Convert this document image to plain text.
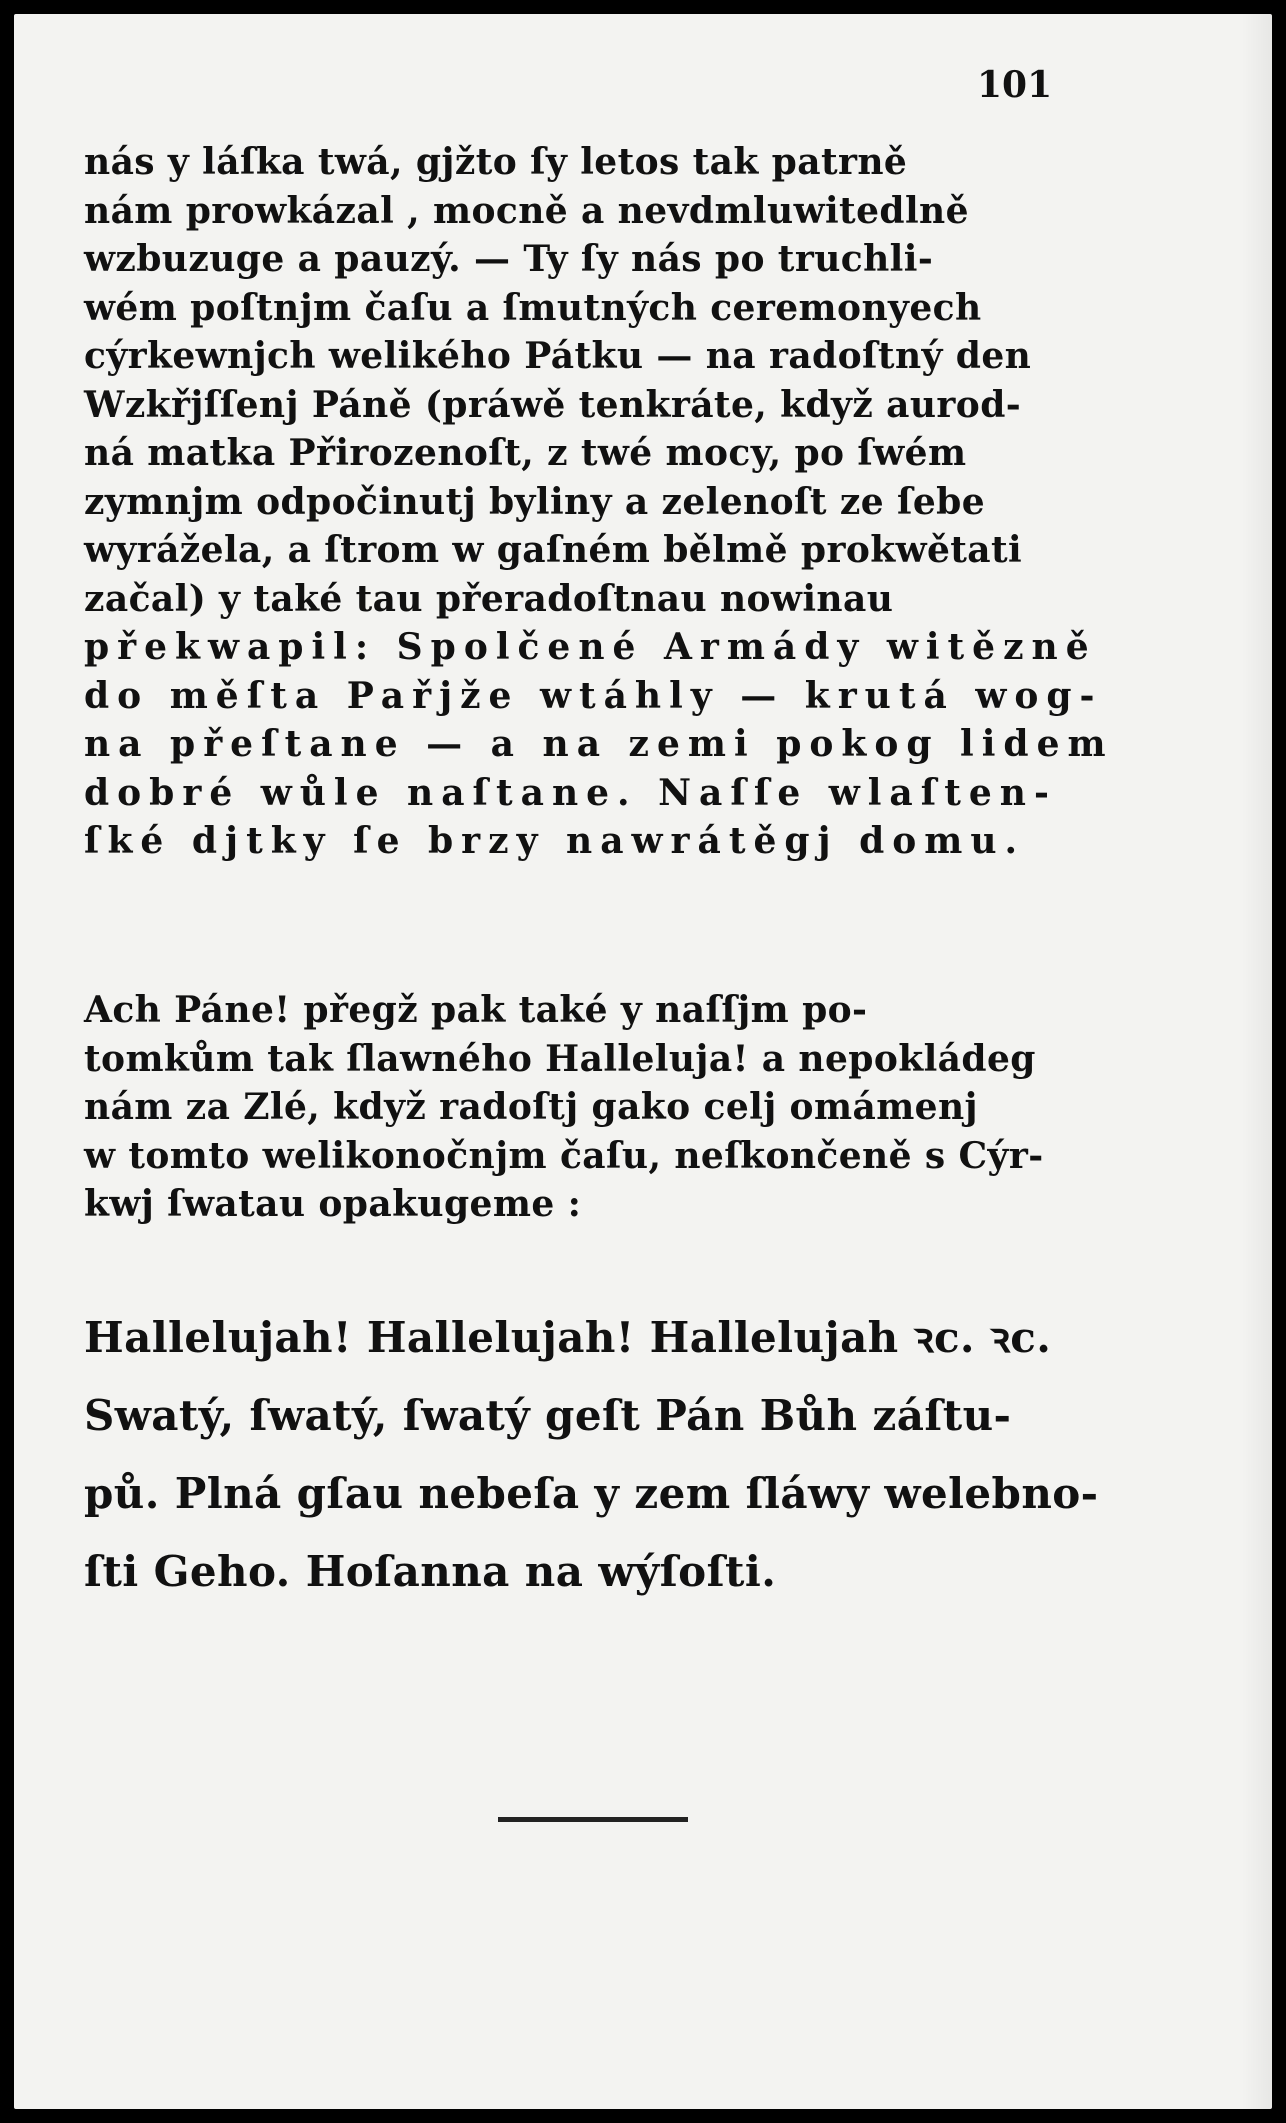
101
nás y láſka twá, gjžto ſy letos tak patrně
nám prowkázal , mocně a nevdmluwitedlně
wzbuzuge a pauzý. — Ty ſy nás po truchli-
wém poſtnjm čaſu a ſmutných ceremonyech
cýrkewnjch welikého Pátku — na radoſtný den
Wzkřjſſenj Páně (práwě tenkráte, když aurod-
ná matka Přirozenoſt, z twé mocy, po ſwém
zymnjm odpočinutj byliny a zelenoſt ze ſebe
wyrážela, a ſtrom w gaſném bělmě prokwětati
začal) y také tau přeradoſtnau nowinau
překwapil: Spolčené Armády witězně
do měſta Pařjže wtáhly — krutá wog-
na přeſtane — a na zemi pokog lidem
dobré wůle naſtane. Naſſe wlaſten-
ſké djtky ſe brzy nawrátěgj domu.
Ach Páne! přegž pak také y naſſjm po-
tomkům tak ſlawného Halleluja! a nepokládeg
nám za Zlé, když radoſtj gako celj omámenj
w tomto welikonočnjm čaſu, neſkončeně s Cýr-
kwj ſwatau opakugeme :
Hallelujah! Hallelujah! Hallelujah ꝛc. ꝛc.
Swatý, ſwatý, ſwatý geſt Pán Bůh záſtu-
pů. Plná gſau nebeſa y zem ſláwy welebno-
ſti Geho. Hoſanna na wýſoſti.
